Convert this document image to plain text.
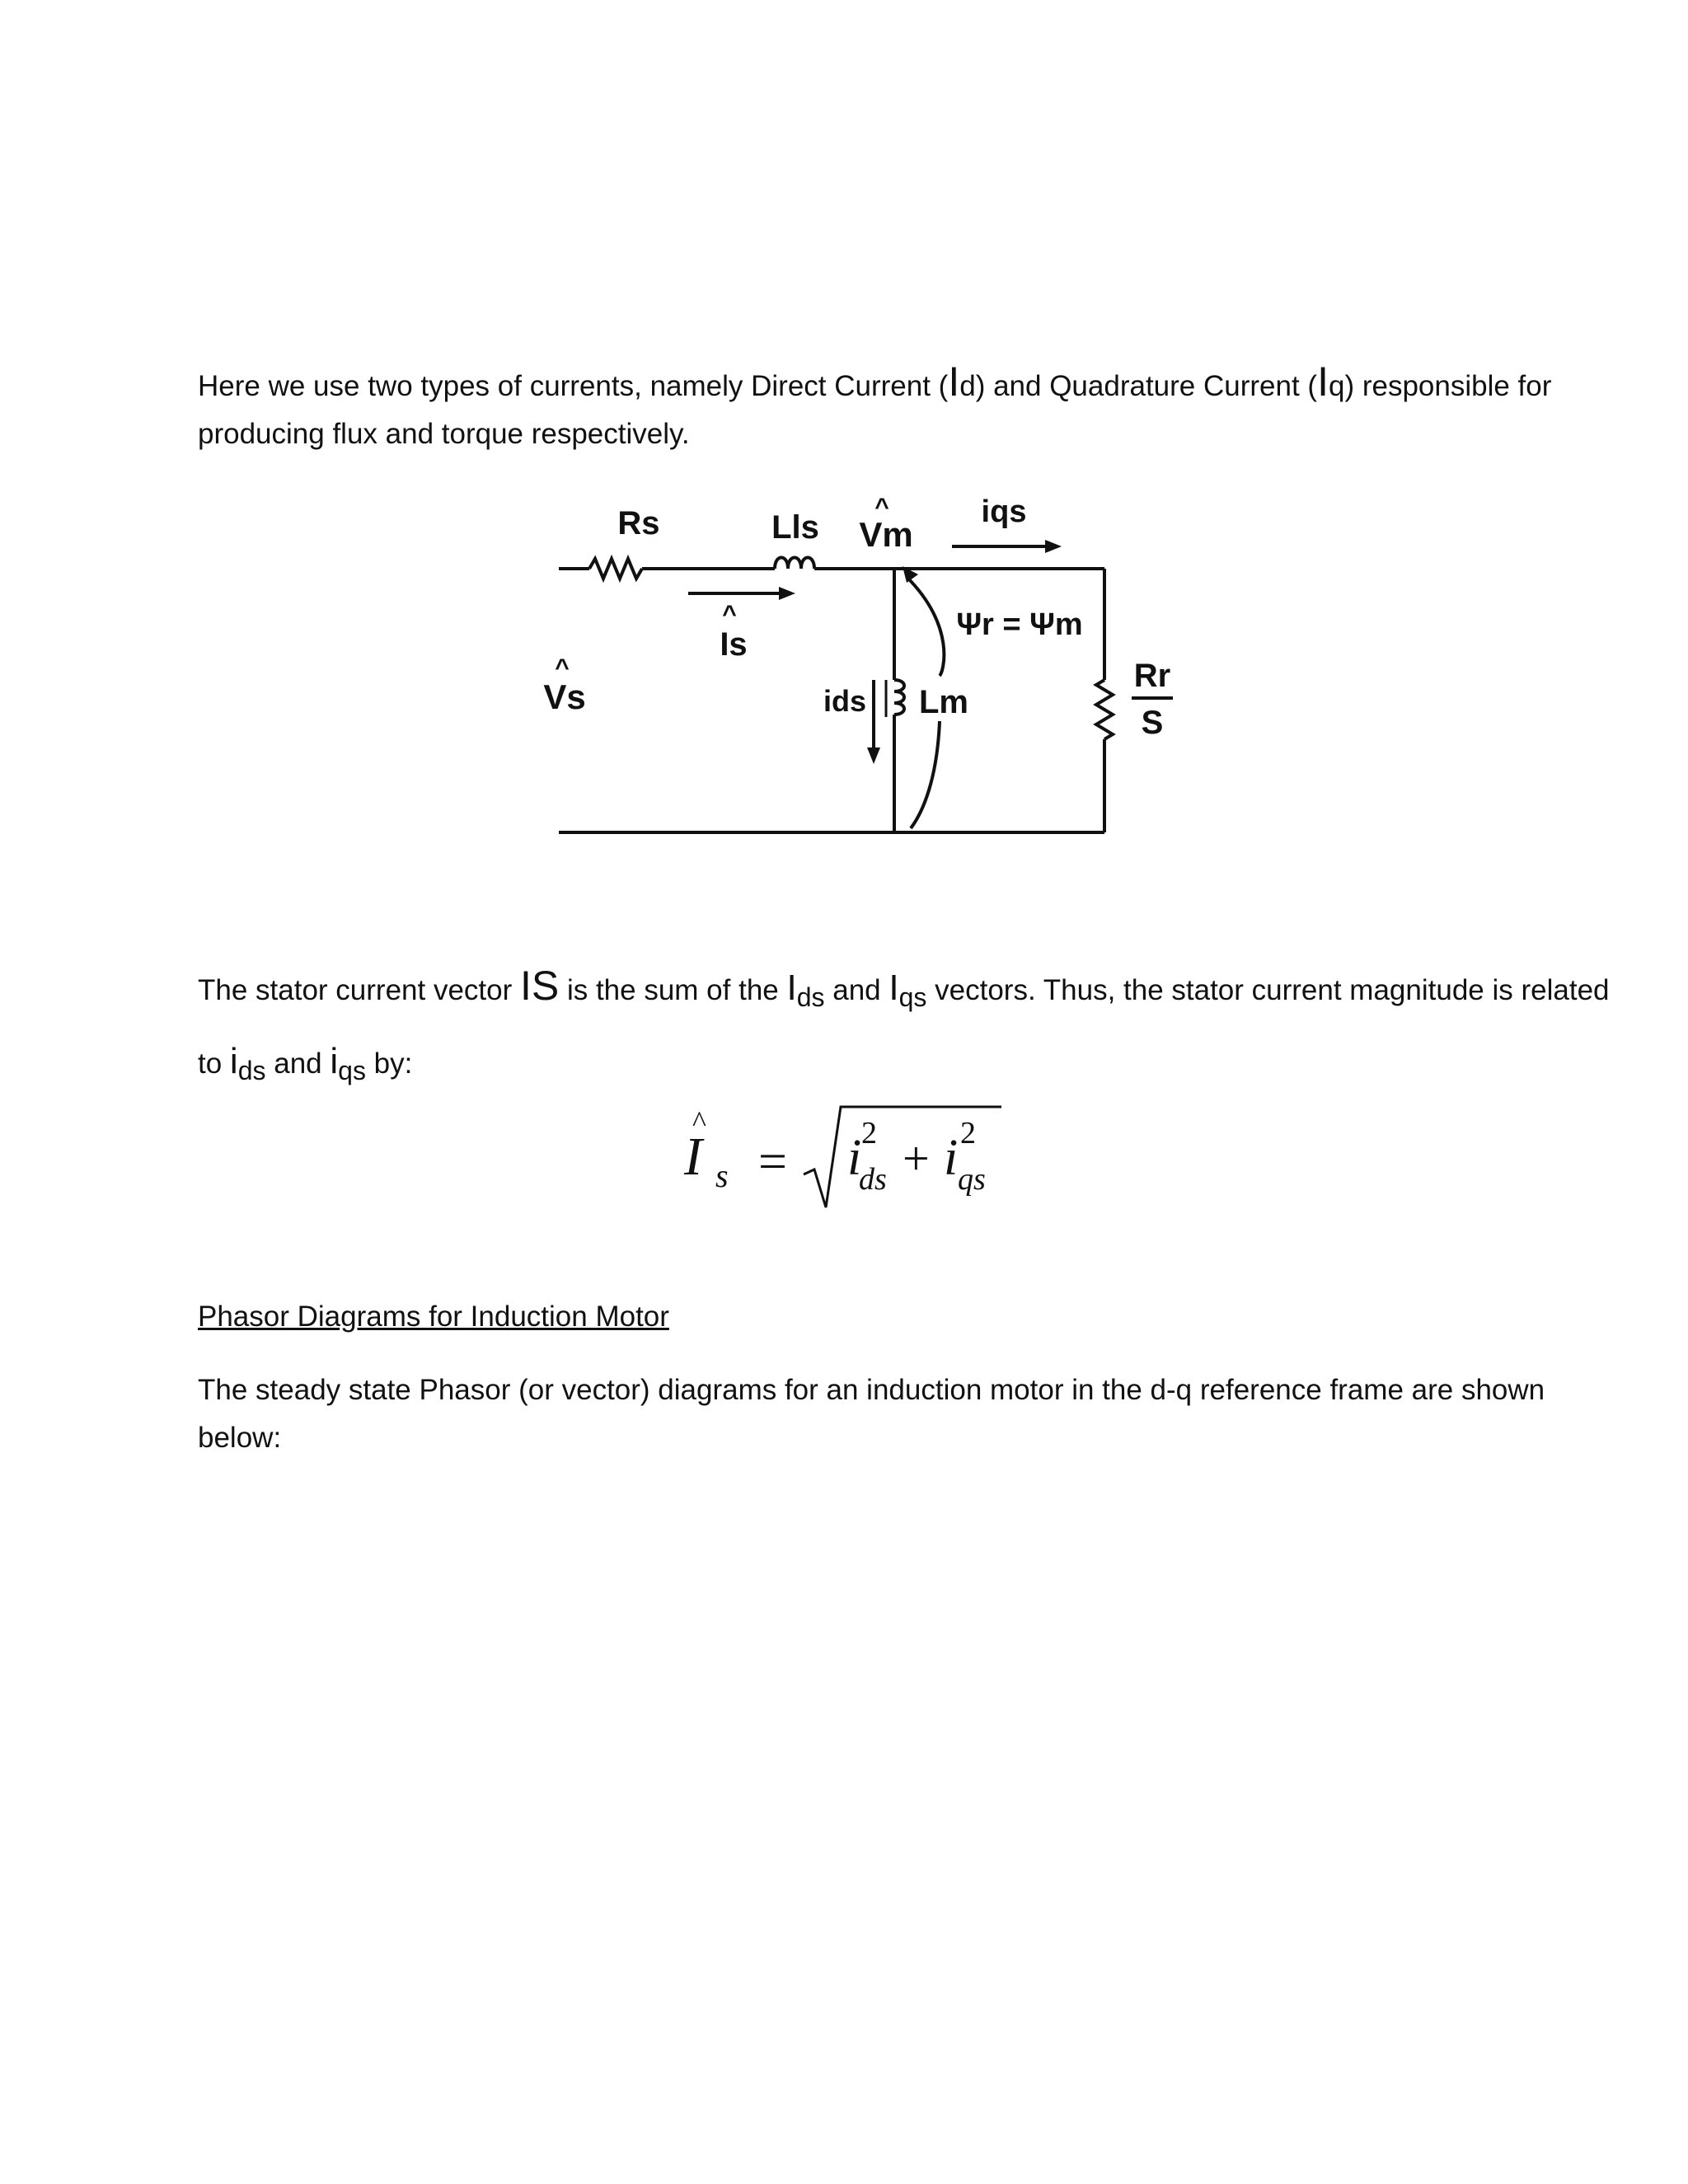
Here we use two types of currents, namely Direct Current (Id) and Quadrature Current (Iq) responsible for producing flux and torque respectively.

Rs	Lls
^
Vm
iqs
^
Is
^
Vs	ids Lm
Ψr = Ψm
Rr
S

The stator current vector IS is the sum of the Ids and Iqs vectors. Thus, the stator current magnitude is related to ids and iqs by:

^
I s = i 2
ds + i 2
qs
Phasor Diagrams for Induction Motor

The steady state Phasor (or vector) diagrams for an induction motor in the d-q reference frame are shown below:
